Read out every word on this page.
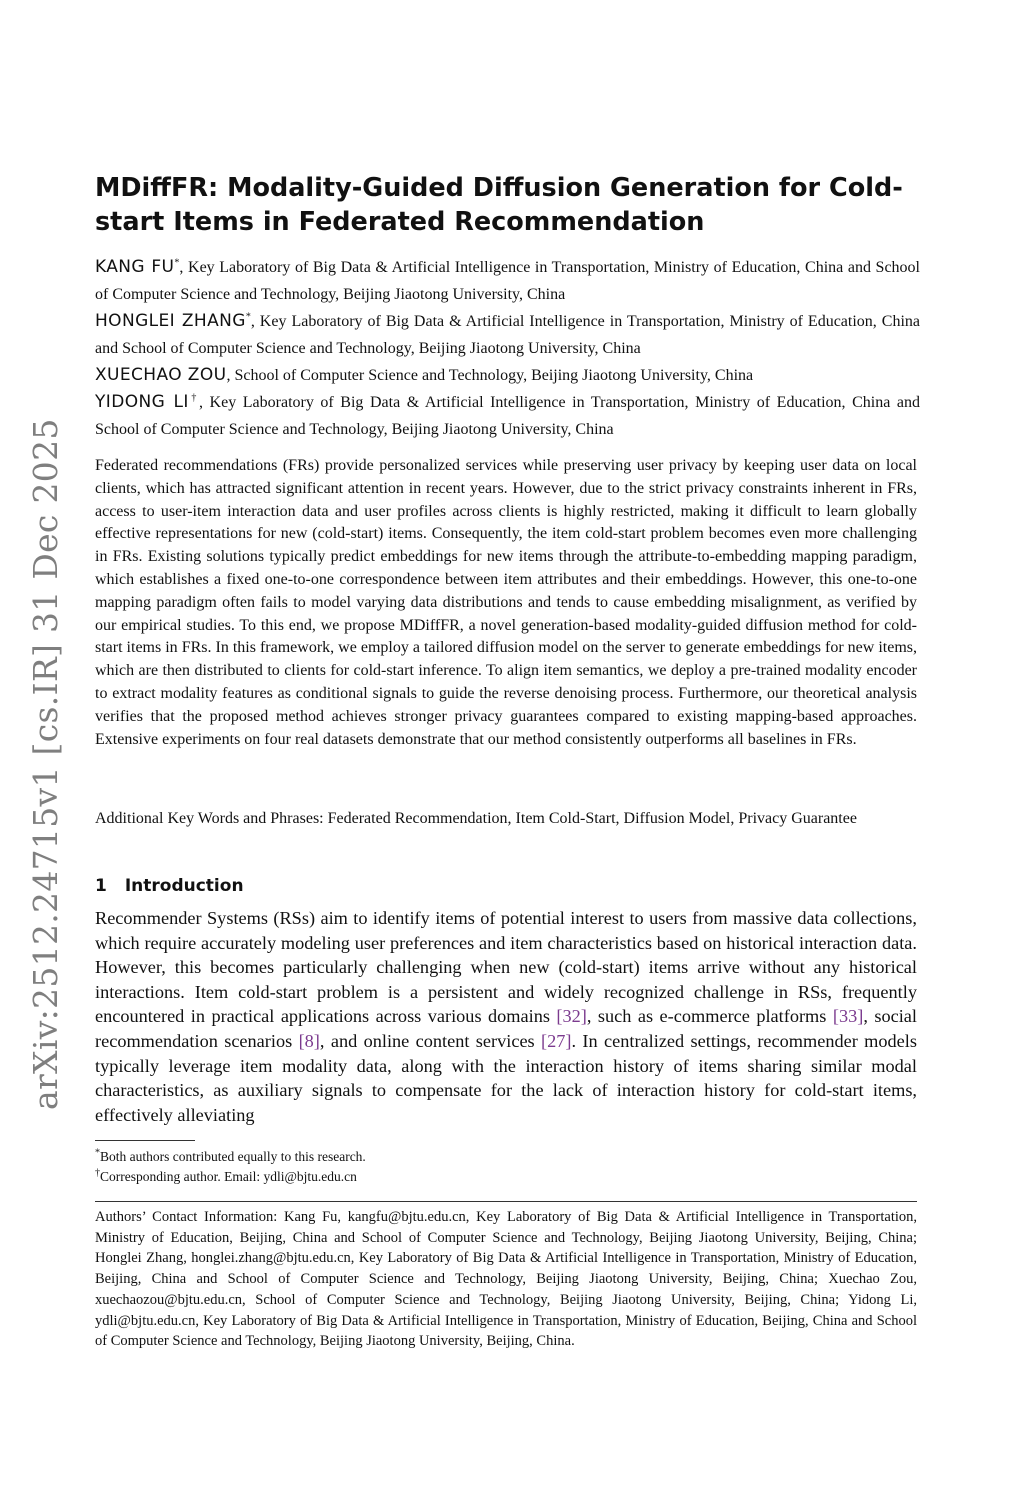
arXiv:2512.24715v1 [cs.IR] 31 Dec 2025
MDiffFR: Modality-Guided Diffusion Generation for Cold-start Items in Federated Recommendation
KANG FU*, Key Laboratory of Big Data & Artificial Intelligence in Transportation, Ministry of Education, China and School of Computer Science and Technology, Beijing Jiaotong University, China
HONGLEI ZHANG*, Key Laboratory of Big Data & Artificial Intelligence in Transportation, Ministry of Education, China and School of Computer Science and Technology, Beijing Jiaotong University, China
XUECHAO ZOU, School of Computer Science and Technology, Beijing Jiaotong University, China
YIDONG LI†, Key Laboratory of Big Data & Artificial Intelligence in Transportation, Ministry of Education, China and School of Computer Science and Technology, Beijing Jiaotong University, China
Federated recommendations (FRs) provide personalized services while preserving user privacy by keeping user data on local clients, which has attracted significant attention in recent years. However, due to the strict privacy constraints inherent in FRs, access to user-item interaction data and user profiles across clients is highly restricted, making it difficult to learn globally effective representations for new (cold-start) items. Consequently, the item cold-start problem becomes even more challenging in FRs. Existing solutions typically predict embeddings for new items through the attribute-to-embedding mapping paradigm, which establishes a fixed one-to-one correspondence between item attributes and their embeddings. However, this one-to-one mapping paradigm often fails to model varying data distributions and tends to cause embedding misalignment, as verified by our empirical studies. To this end, we propose MDiffFR, a novel generation-based modality-guided diffusion method for cold-start items in FRs. In this framework, we employ a tailored diffusion model on the server to generate embeddings for new items, which are then distributed to clients for cold-start inference. To align item semantics, we deploy a pre-trained modality encoder to extract modality features as conditional signals to guide the reverse denoising process. Furthermore, our theoretical analysis verifies that the proposed method achieves stronger privacy guarantees compared to existing mapping-based approaches. Extensive experiments on four real datasets demonstrate that our method consistently outperforms all baselines in FRs.
Additional Key Words and Phrases: Federated Recommendation, Item Cold-Start, Diffusion Model, Privacy Guarantee
1 Introduction
Recommender Systems (RSs) aim to identify items of potential interest to users from massive data collections, which require accurately modeling user preferences and item characteristics based on historical interaction data. However, this becomes particularly challenging when new (cold-start) items arrive without any historical interactions. Item cold-start problem is a persistent and widely recognized challenge in RSs, frequently encountered in practical applications across various domains [32], such as e-commerce platforms [33], social recommendation scenarios [8], and online content services [27]. In centralized settings, recommender models typically leverage item modality data, along with the interaction history of items sharing similar modal characteristics, as auxiliary signals to compensate for the lack of interaction history for cold-start items, effectively alleviating
*Both authors contributed equally to this research.
†Corresponding author. Email: ydli@bjtu.edu.cn
Authors’ Contact Information: Kang Fu, kangfu@bjtu.edu.cn, Key Laboratory of Big Data & Artificial Intelligence in Transportation, Ministry of Education, Beijing, China and School of Computer Science and Technology, Beijing Jiaotong University, Beijing, China; Honglei Zhang, honglei.zhang@bjtu.edu.cn, Key Laboratory of Big Data & Artificial Intelligence in Transportation, Ministry of Education, Beijing, China and School of Computer Science and Technology, Beijing Jiaotong University, Beijing, China; Xuechao Zou, xuechaozou@bjtu.edu.cn, School of Computer Science and Technology, Beijing Jiaotong University, Beijing, China; Yidong Li, ydli@bjtu.edu.cn, Key Laboratory of Big Data & Artificial Intelligence in Transportation, Ministry of Education, Beijing, China and School of Computer Science and Technology, Beijing Jiaotong University, Beijing, China.
